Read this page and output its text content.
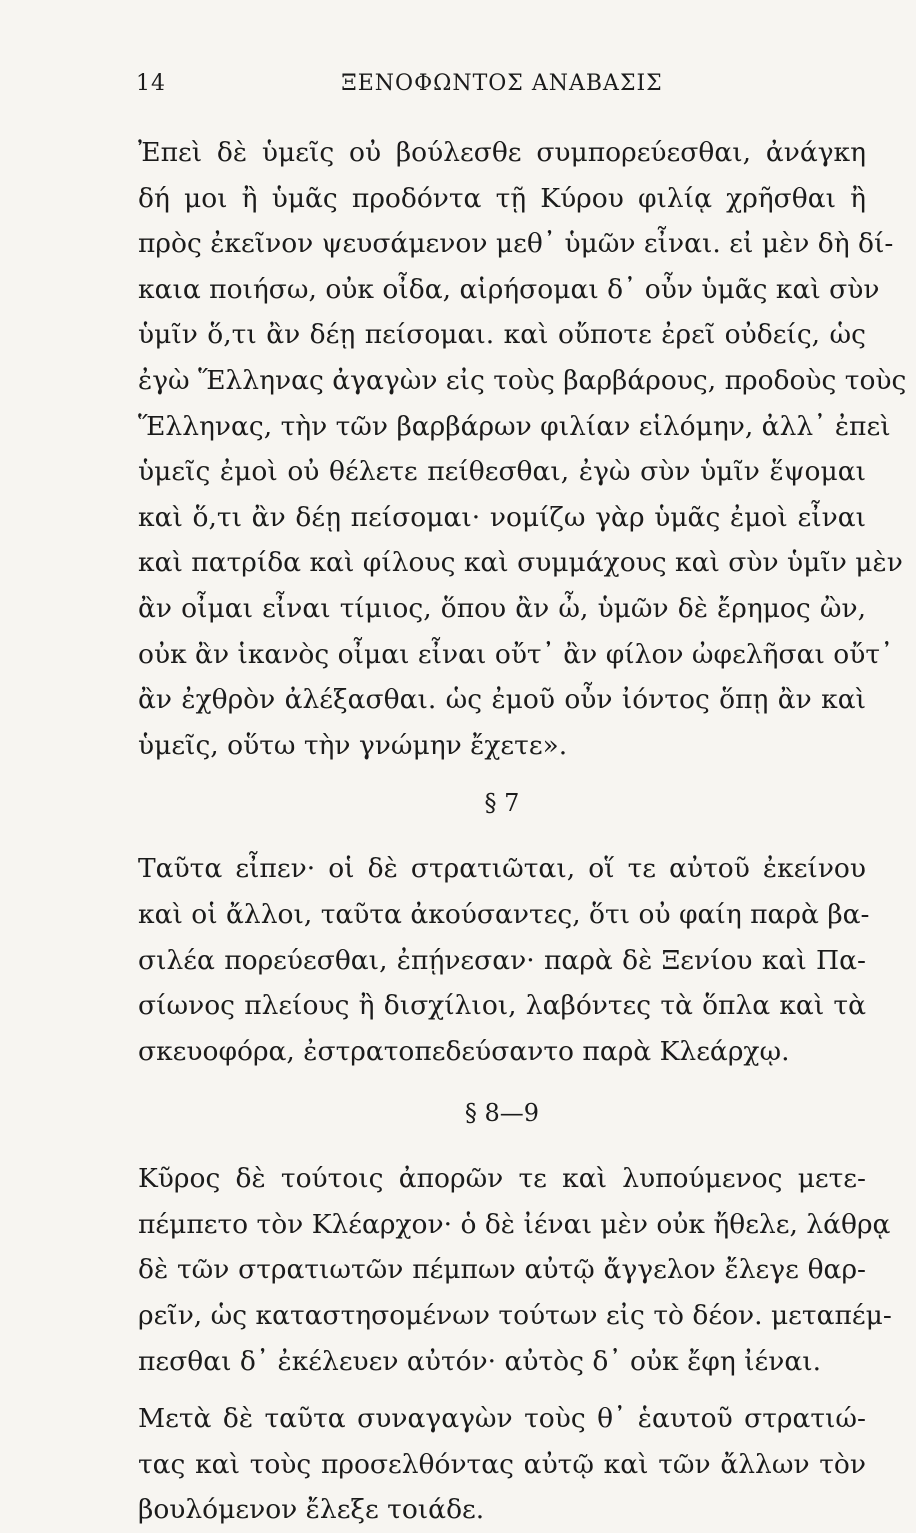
14	ΞΕΝΟΦΩΝΤΟΣ ΑΝΑΒΑΣΙΣ
Ἐπεὶ δὲ ὑμεῖς οὐ βούλεσθε συμπορεύεσθαι, ἀνάγκη
δή μοι ἢ ὑμᾶς προδόντα τῇ Κύρου φιλίᾳ χρῆσθαι ἢ
πρὸς ἐκεῖνον ψευσάμενον μεθ᾽ ὑμῶν εἶναι. εἰ μὲν δὴ δί-
καια ποιήσω, οὐκ οἶδα, αἱρήσομαι δ᾽ οὖν ὑμᾶς καὶ σὺν
ὑμῖν ὅ,τι ἂν δέῃ πείσομαι. καὶ οὔποτε ἐρεῖ οὐδείς, ὡς
ἐγὼ Ἕλληνας ἀγαγὼν εἰς τοὺς βαρβάρους, προδοὺς τοὺς
Ἕλληνας, τὴν τῶν βαρβάρων φιλίαν εἱλόμην, ἀλλ᾽ ἐπεὶ
ὑμεῖς ἐμοὶ οὐ θέλετε πείθεσθαι, ἐγὼ σὺν ὑμῖν ἕψομαι
καὶ ὅ,τι ἂν δέῃ πείσομαι· νομίζω γὰρ ὑμᾶς ἐμοὶ εἶναι
καὶ πατρίδα καὶ φίλους καὶ συμμάχους καὶ σὺν ὑμῖν μὲν
ἂν οἶμαι εἶναι τίμιος, ὅπου ἂν ὦ, ὑμῶν δὲ ἔρημος ὢν,
οὐκ ἂν ἱκανὸς οἶμαι εἶναι οὔτ᾽ ἂν φίλον ὠφελῆσαι οὔτ᾽
ἂν ἐχθρὸν ἀλέξασθαι. ὡς ἐμοῦ οὖν ἰόντος ὅπῃ ἂν καὶ
ὑμεῖς, οὕτω τὴν γνώμην ἔχετε».

§ 7

Ταῦτα εἶπεν· οἱ δὲ στρατιῶται, οἵ τε αὐτοῦ ἐκείνου
καὶ οἱ ἄλλοι, ταῦτα ἀκούσαντες, ὅτι οὐ φαίη παρὰ βα-
σιλέα πορεύεσθαι, ἐπῄνεσαν· παρὰ δὲ Ξενίου καὶ Πα-
σίωνος πλείους ἢ δισχίλιοι, λαβόντες τὰ ὅπλα καὶ τὰ
σκευοφόρα, ἐστρατοπεδεύσαντο παρὰ Κλεάρχῳ.

§ 8—9

Κῦρος δὲ τούτοις ἀπορῶν τε καὶ λυπούμενος μετε-
πέμπετο τὸν Κλέαρχον· ὁ δὲ ἰέναι μὲν οὐκ ἤθελε, λάθρᾳ
δὲ τῶν στρατιωτῶν πέμπων αὐτῷ ἄγγελον ἔλεγε θαρ-
ρεῖν, ὡς καταστησομένων τούτων εἰς τὸ δέον. μεταπέμ-
πεσθαι δ᾽ ἐκέλευεν αὐτόν· αὐτὸς δ᾽ οὐκ ἔφη ἰέναι.
Μετὰ δὲ ταῦτα συναγαγὼν τοὺς θ᾽ ἑαυτοῦ στρατιώ-
τας καὶ τοὺς προσελθόντας αὐτῷ καὶ τῶν ἄλλων τὸν
βουλόμενον ἔλεξε τοιάδε.
